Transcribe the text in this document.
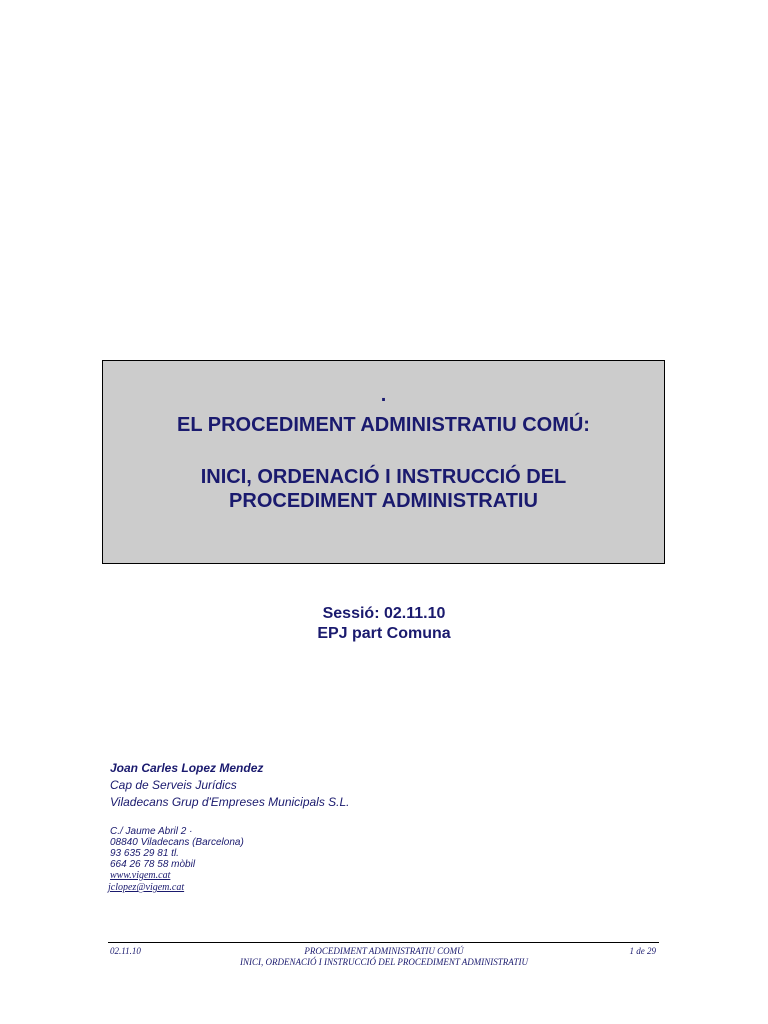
.
EL PROCEDIMENT ADMINISTRATIU COMÚ:
INICI, ORDENACIÓ I INSTRUCCIÓ DEL
PROCEDIMENT ADMINISTRATIU
Sessió: 02.11.10
EPJ part Comuna
Joan Carles Lopez Mendez
Cap de Serveis Jurídics
Viladecans Grup d'Empreses Municipals S.L.
C./ Jaume Abril 2 ·
08840 Viladecans (Barcelona)
93 635 29 81 tl.
664 26 78 58 mòbil
www.vigem.cat
jclopez@vigem.cat
02.11.10	PROCEDIMENT ADMINISTRATIU COMÚ
INICI, ORDENACIÓ I INSTRUCCIÓ DEL PROCEDIMENT ADMINISTRATIU
1 de 29
